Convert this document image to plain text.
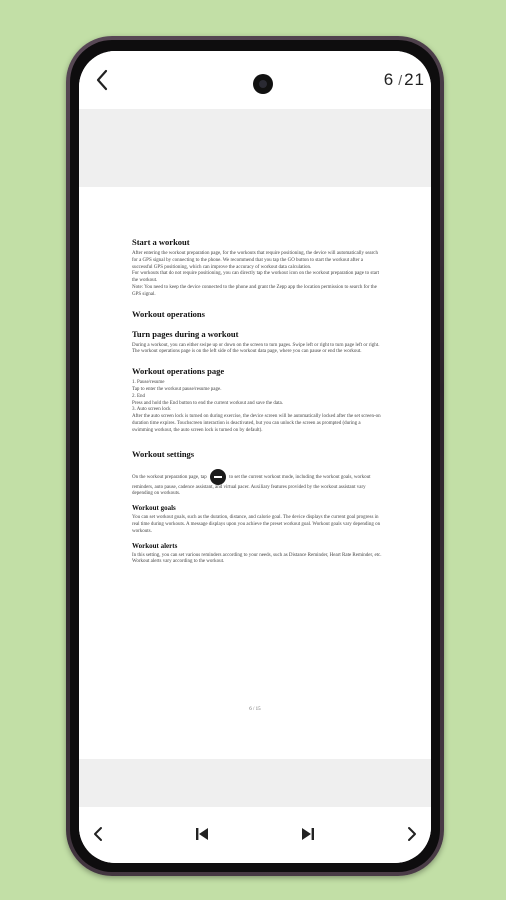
6 /21
Start a workout

After entering the workout preparation page, for the workouts that require positioning, the device will automatically search for a GPS signal by connecting to the phone. We recommend that you tap the GO button to start the workout after a successful GPS positioning, which can improve the accuracy of workout data calculation.

For workouts that do not require positioning, you can directly tap the workout icon on the workout preparation page to start the workout.

Note: You need to keep the device connected to the phone and grant the Zepp app the location permission to search for the GPS signal.

Workout operations
Turn pages during a workout

During a workout, you can either swipe up or down on the screen to turn pages. Swipe left or right to turn page left or right. The workout operations page is on the left side of the workout data page, where you can pause or end the workout.

Workout operations page

1. Pause/resume

Tap to enter the workout pause/resume page.

2. End

Press and hold the End button to end the current workout and save the data.

3. Auto screen lock

After the auto screen lock is turned on during exercise, the device screen will be automatically locked after the set screen-on duration time expires. Touchscreen interaction is deactivated, but you can unlock the screen as prompted (during a swimming workout, the auto screen lock is turned on by default).

Workout settings

On the workout preparation page, tap	to set the current workout mode, including the workout goals, workout reminders, auto pause, cadence assistant, and virtual pacer. Auxiliary features provided by the workout assistant vary depending on workouts.

Workout goals

You can set workout goals, such as the duration, distance, and calorie goal. The device displays the current goal progress in real time during workouts. A message displays upon you achieve the preset workout goal. Workout goals vary depending on workouts.

Workout alerts

In this setting, you can set various reminders according to your needs, such as Distance Reminder, Heart Rate Reminder, etc. Workout alerts vary according to the workout.

6 / 15
